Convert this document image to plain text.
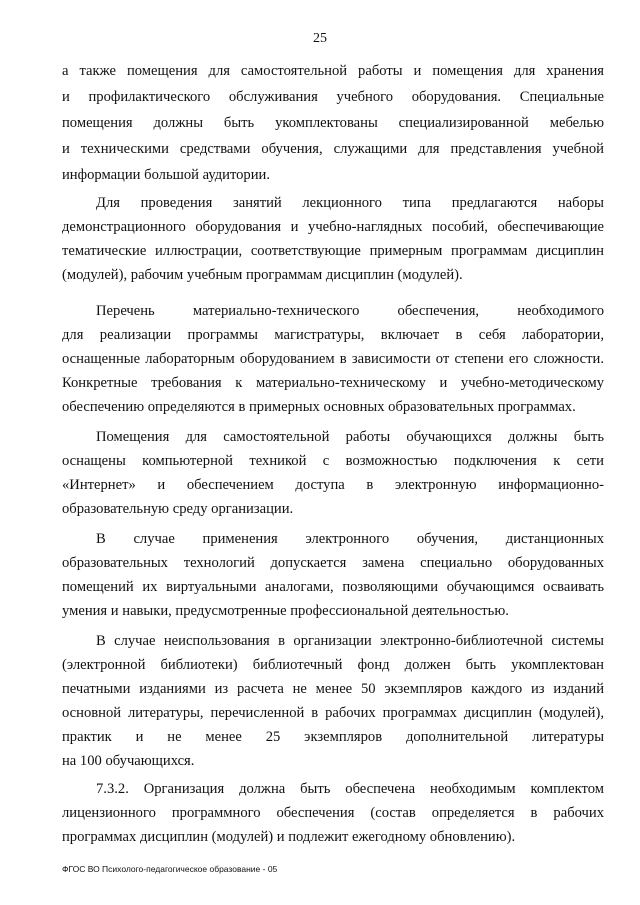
25
а также помещения для самостоятельной работы и помещения для хранения
и профилактического обслуживания учебного оборудования. Специальные
помещения должны быть укомплектованы специализированной мебелью
и техническими средствами обучения, служащими для представления учебной
информации большой аудитории.
Для проведения занятий лекционного типа предлагаются наборы
демонстрационного оборудования и учебно-наглядных пособий, обеспечивающие
тематические иллюстрации, соответствующие примерным программам дисциплин
(модулей), рабочим учебным программам дисциплин (модулей).
Перечень материально-технического обеспечения, необходимого
для реализации программы магистратуры, включает в себя лаборатории,
оснащенные лабораторным оборудованием в зависимости от степени его сложности.
Конкретные требования к материально-техническому и учебно-методическому
обеспечению определяются в примерных основных образовательных программах.
Помещения для самостоятельной работы обучающихся должны быть
оснащены компьютерной техникой с возможностью подключения к сети
«Интернет» и обеспечением доступа в электронную информационно-
образовательную среду организации.
В случае применения электронного обучения, дистанционных
образовательных технологий допускается замена специально оборудованных
помещений их виртуальными аналогами, позволяющими обучающимся осваивать
умения и навыки, предусмотренные профессиональной деятельностью.
В случае неиспользования в организации электронно-библиотечной системы
(электронной библиотеки) библиотечный фонд должен быть укомплектован
печатными изданиями из расчета не менее 50 экземпляров каждого из изданий
основной литературы, перечисленной в рабочих программах дисциплин (модулей),
практик и не менее 25 экземпляров дополнительной литературы
на 100 обучающихся.
7.3.2. Организация должна быть обеспечена необходимым комплектом
лицензионного программного обеспечения (состав определяется в рабочих
программах дисциплин (модулей) и подлежит ежегодному обновлению).
ФГОС ВО Психолого-педагогическое образование - 05
